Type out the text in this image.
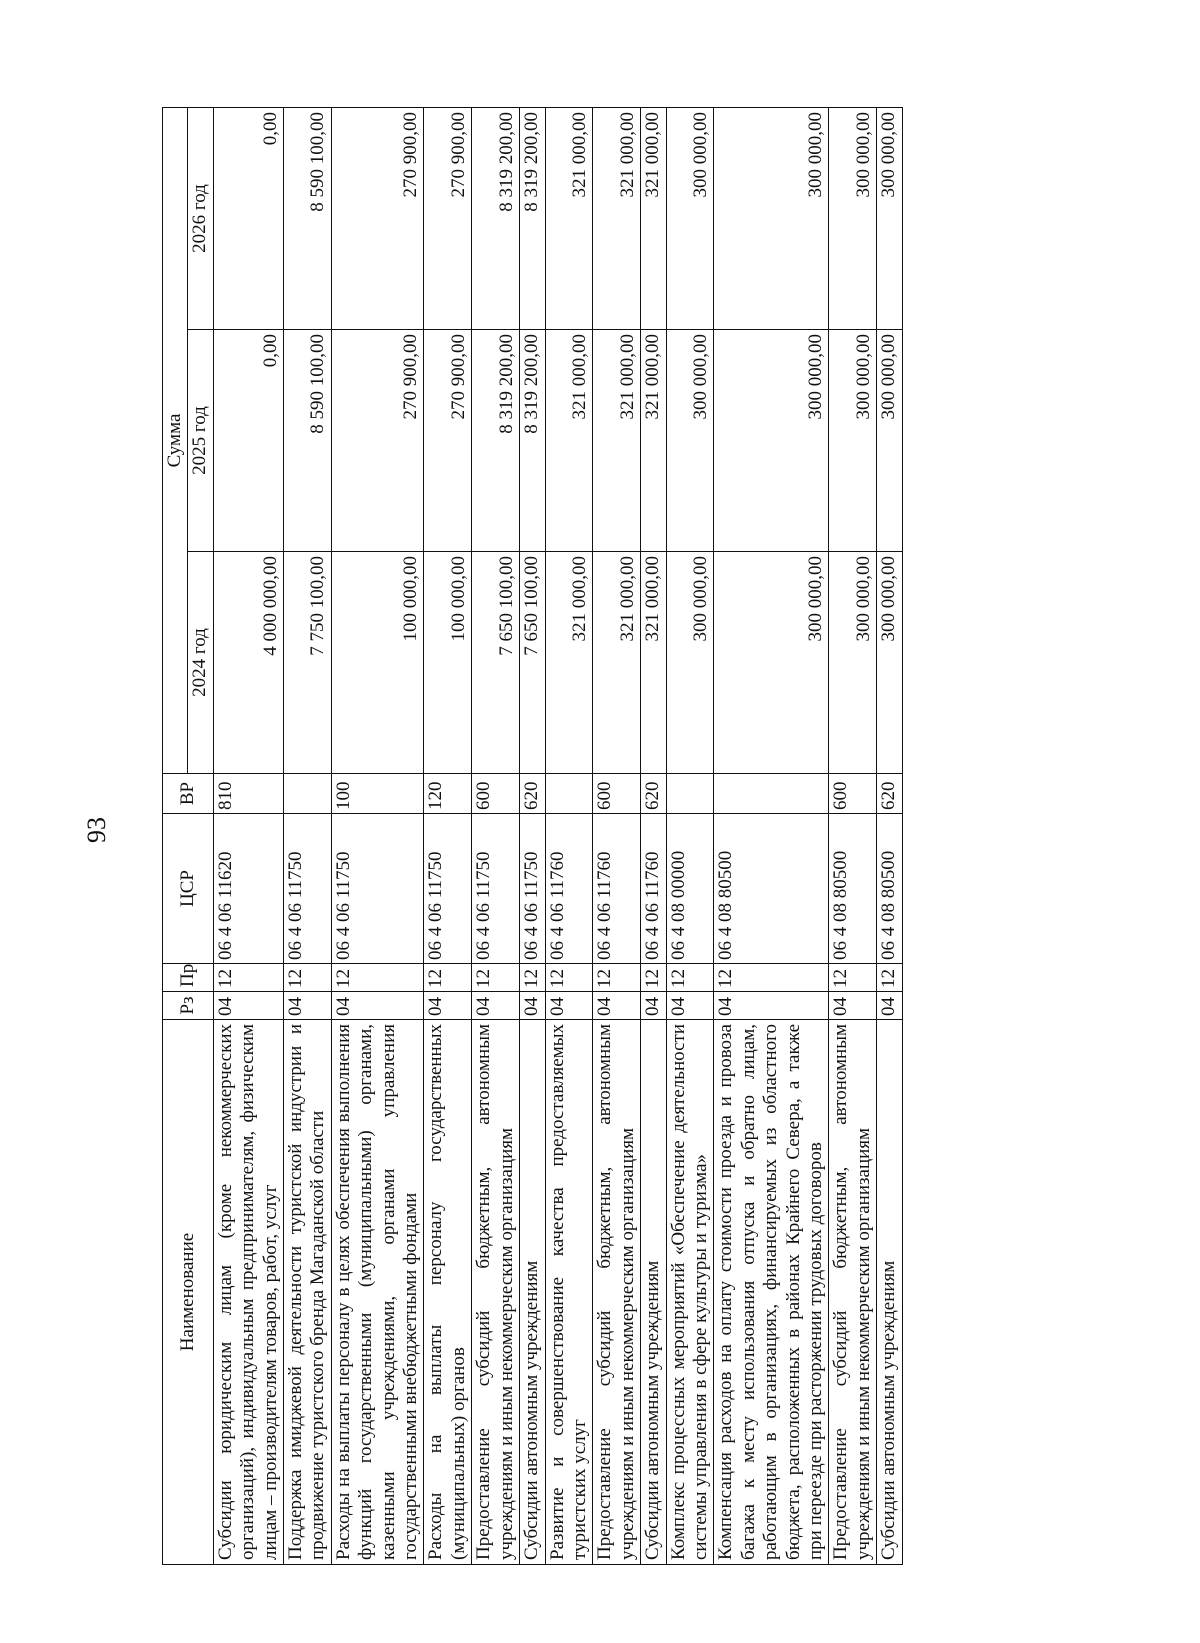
93
Наименование	Рз	Пр	ЦСР	ВР	Сумма		
					2024 год	2025 год	2026 год
Субсидии юридическим лицам (кроме некоммерческих организаций), индивидуальным предпринимателям, физическим лицам – производителям товаров, работ, услуг	04	12	06 4 06 11620	810	4 000 000,00	0,00	0,00
Поддержка имиджевой деятельности туристской индустрии и продвижение туристского бренда Магаданской области	04	12	06 4 06 11750		7 750 100,00	8 590 100,00	8 590 100,00
Расходы на выплаты персоналу в целях обеспечения выполнения функций государственными (муниципальными) органами, казенными учреждениями, органами управления государственными внебюджетными фондами	04	12	06 4 06 11750	100	100 000,00	270 900,00	270 900,00
Расходы на выплаты персоналу государственных (муниципальных) органов	04	12	06 4 06 11750	120	100 000,00	270 900,00	270 900,00
Предоставление субсидий бюджетным, автономным учреждениям и иным некоммерческим организациям	04	12	06 4 06 11750	600	7 650 100,00	8 319 200,00	8 319 200,00
Субсидии автономным учреждениям	04	12	06 4 06 11750	620	7 650 100,00	8 319 200,00	8 319 200,00
Развитие и совершенствование качества предоставляемых туристских услуг	04	12	06 4 06 11760		321 000,00	321 000,00	321 000,00
Предоставление субсидий бюджетным, автономным учреждениям и иным некоммерческим организациям	04	12	06 4 06 11760	600	321 000,00	321 000,00	321 000,00
Субсидии автономным учреждениям	04	12	06 4 06 11760	620	321 000,00	321 000,00	321 000,00
Комплекс процессных мероприятий «Обеспечение деятельности системы управления в сфере культуры и туризма»	04	12	06 4 08 00000		300 000,00	300 000,00	300 000,00
Компенсация расходов на оплату стоимости проезда и провоза багажа к месту использования отпуска и обратно лицам, работающим в организациях, финансируемых из областного бюджета, расположенных в районах Крайнего Севера, а также при переезде при расторжении трудовых договоров	04	12	06 4 08 80500		300 000,00	300 000,00	300 000,00
Предоставление субсидий бюджетным, автономным учреждениям и иным некоммерческим организациям	04	12	06 4 08 80500	600	300 000,00	300 000,00	300 000,00
Субсидии автономным учреждениям	04	12	06 4 08 80500	620	300 000,00	300 000,00	300 000,00
